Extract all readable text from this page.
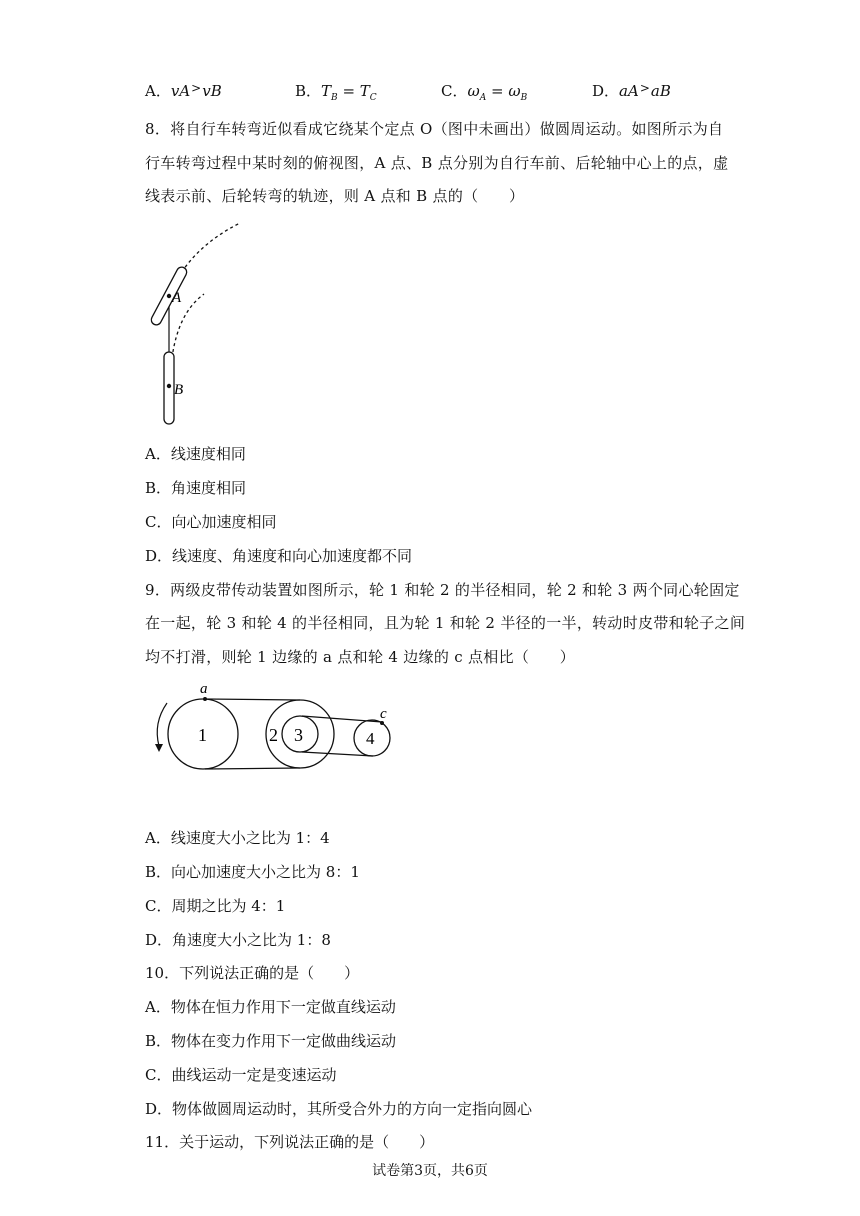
A．vA>vB	B．$T_B = T_C$	C．$\omega_A = \omega_B$	D．aA>aB
8．将自行车转弯近似看成它绕某个定点 O（图中未画出）做圆周运动。如图所示为自
行车转弯过程中某时刻的俯视图，A 点、B 点分别为自行车前、后轮轴中心上的点，虚
线表示前、后轮转弯的轨迹，则 A 点和 B 点的（　　）
A
B
A．线速度相同
B．角速度相同
C．向心加速度相同
D．线速度、角速度和向心加速度都不同
9．两级皮带传动装置如图所示，轮 1 和轮 2 的半径相同，轮 2 和轮 3 两个同心轮固定
在一起，轮 3 和轮 4 的半径相同，且为轮 1 和轮 2 半径的一半，转动时皮带和轮子之间
均不打滑，则轮 1 边缘的 a 点和轮 4 边缘的 c 点相比（　　）
1	2 3	4
a
c
A．线速度大小之比为 1：4
B．向心加速度大小之比为 8：1
C．周期之比为 4：1
D．角速度大小之比为 1：8
10．下列说法正确的是（　　）
A．物体在恒力作用下一定做直线运动
B．物体在变力作用下一定做曲线运动
C．曲线运动一定是变速运动
D．物体做圆周运动时，其所受合外力的方向一定指向圆心
11．关于运动，下列说法正确的是（　　）
试卷第3页，共6页
